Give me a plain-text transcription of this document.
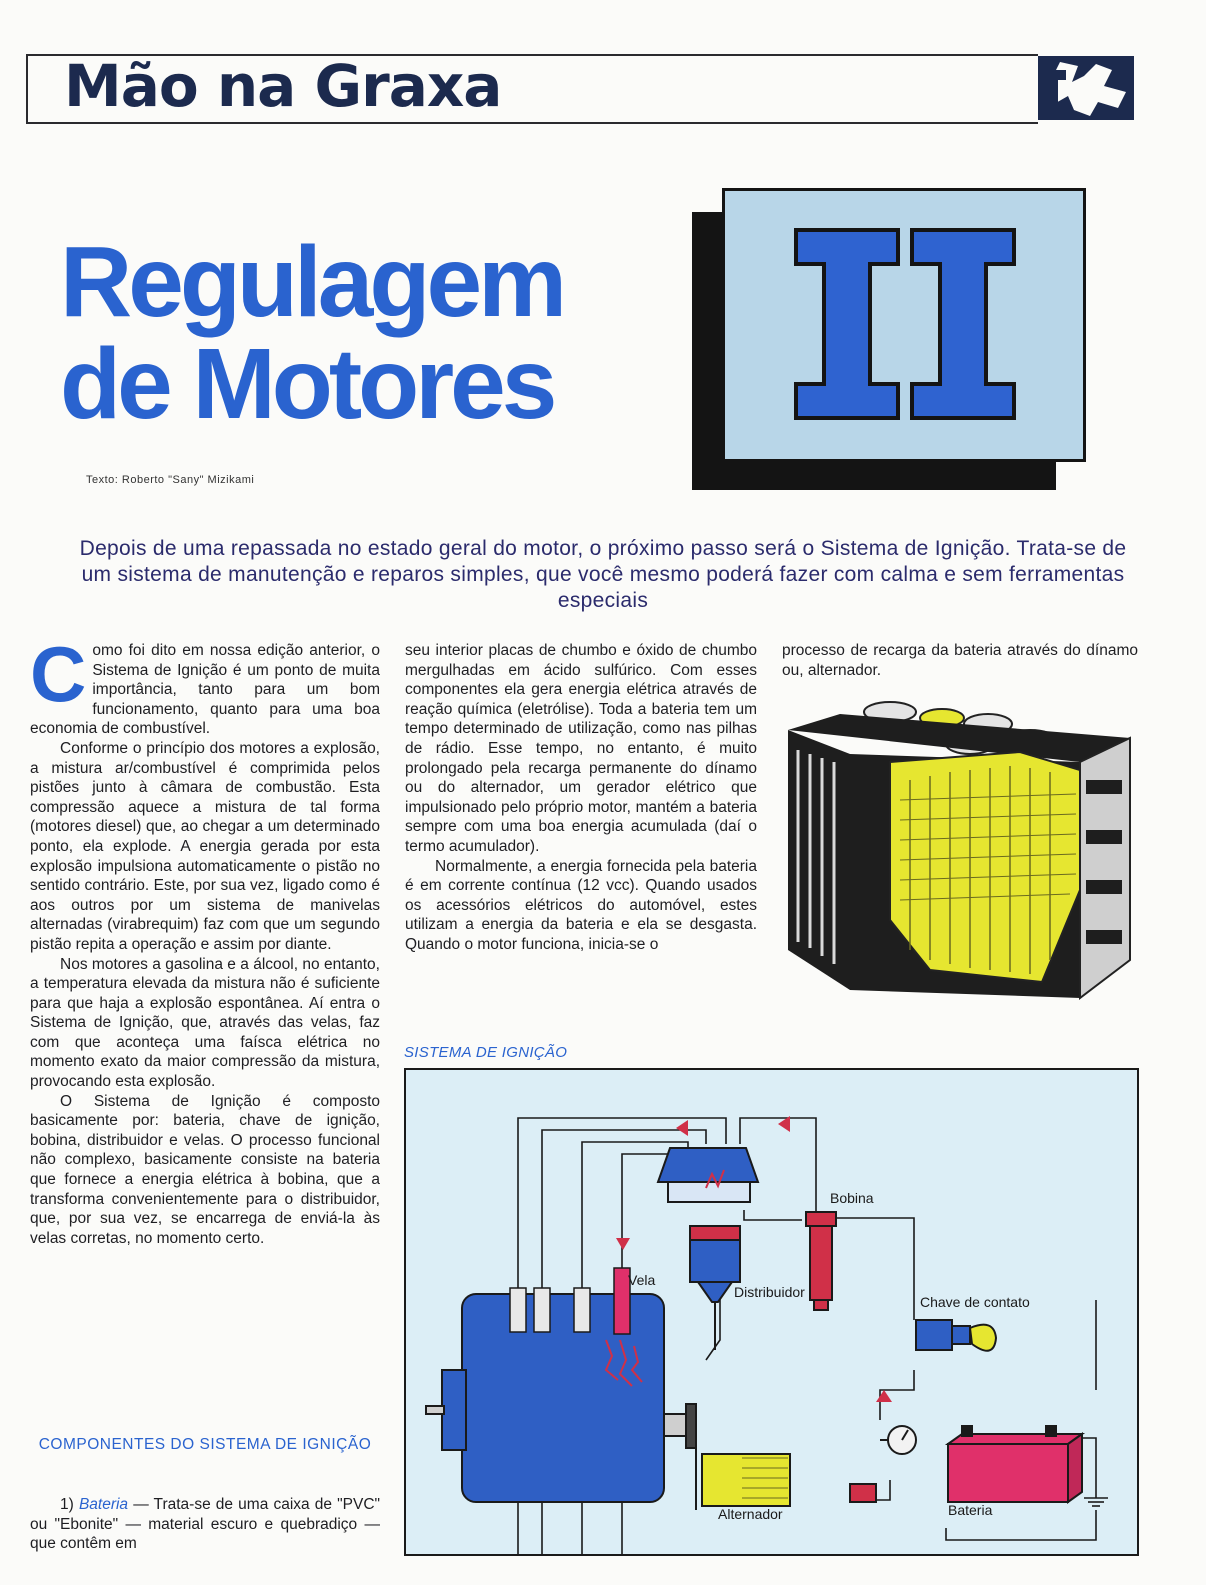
Mão na Graxa
Regulagem
de Motores
Texto: Roberto "Sany" Mizikami
II
Depois de uma repassada no estado geral do motor, o próximo passo será o Sistema de Ignição. Trata-se de um sistema de manutenção e reparos simples, que você mesmo poderá fazer com calma e sem ferramentas especiais

Como foi dito em nossa edição anterior, o Sistema de Ignição é um ponto de muita importância, tanto para um bom funcionamento, quanto para uma boa economia de combustível.

Conforme o princípio dos motores a explosão, a mistura ar/combustível é comprimida pelos pistões junto à câmara de combustão. Esta compressão aquece a mistura de tal forma (motores diesel) que, ao chegar a um determinado ponto, ela explode. A energia gerada por esta explosão impulsiona automaticamente o pistão no sentido contrário. Este, por sua vez, ligado como é aos outros por um sistema de manivelas alternadas (virabrequim) faz com que um segundo pistão repita a operação e assim por diante.

Nos motores a gasolina e a álcool, no entanto, a temperatura elevada da mistura não é suficiente para que haja a explosão espontânea. Aí entra o Sistema de Ignição, que, através das velas, faz com que aconteça uma faísca elétrica no momento exato da maior compressão da mistura, provocando esta explosão.

O Sistema de Ignição é composto basicamente por: bateria, chave de ignição, bobina, distribuidor e velas. O processo funcional não complexo, basicamente consiste na bateria que fornece a energia elétrica à bobina, que a transforma convenientemente para o distribuidor, que, por sua vez, se encarrega de enviá-la às velas corretas, no momento certo.

COMPONENTES DO SISTEMA DE IGNIÇÃO

1) Bateria — Trata-se de uma caixa de "PVC" ou "Ebonite" — material escuro e quebradiço — que contêm em

seu interior placas de chumbo e óxido de chumbo mergulhadas em ácido sulfúrico. Com esses componentes ela gera energia elétrica através de reação química (eletrólise). Toda a bateria tem um tempo determinado de utilização, como nas pilhas de rádio. Esse tempo, no entanto, é muito prolongado pela recarga permanente do dínamo ou do alternador, um gerador elétrico que impulsionado pelo próprio motor, mantém a bateria sempre com uma boa energia acumulada (daí o termo acumulador).

Normalmente, a energia fornecida pela bateria é em corrente contínua (12 vcc). Quando usados os acessórios elétricos do automóvel, estes utilizam a energia da bateria e ela se desgasta. Quando o motor funciona, inicia-se o

processo de recarga da bateria através do dínamo ou, alternador.

SISTEMA DE IGNIÇÃO
Bobina
Vela
Distribuidor
Chave de contato
Alternador	Bateria
